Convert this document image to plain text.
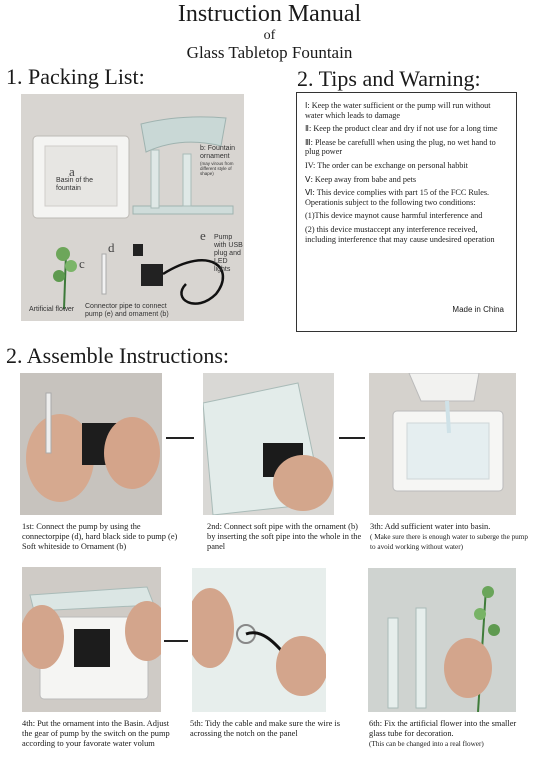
Instruction Manual
of
Glass Tabletop Fountain
1. Packing List:	2. Tips and Warning:
a
Basin of the fountain
b: Fountain ornament
(may virous from different style of shape)
c
Artificial flower
d
Connector pipe to connect pump (e) and ornament (b)
e Pump with USB plug and LED lights

Ⅰ: Keep the water sufficient or the pump will run without water which leads to damage

Ⅱ: Keep the product clear and dry if not use for a long time

Ⅲ: Please be carefulll when using the plug, no wet hand to plug power

IV: The order can be exchange on personal habbit

Ⅴ: Keep away from babe and pets

Ⅵ: This device complies with part 15 of the FCC Rules. Operationis subject to the following two conditions:

(1)This device maynot cause harmful interference and

(2) this device mustaccept any interference received, including interference that may cause undesired operation

Made in China
2. Assemble Instructions:
1st: Connect the pump by using the connectorpipe (d), hard black side to pump (e) Soft whiteside to Ornament (b)
2nd: Connect soft pipe with the ornament (b) by inserting the soft pipe into the whole in the panel
3th: Add sufficient water into basin.
( Make sure there is enough water to suberge the pump to avoid working without water)
4th: Put the ornament into the Basin. Adjust the gear of pump by the switch on the pump according to your favorate water volum
5th: Tidy the cable and make sure the wire is acrossing the notch on the panel
6th: Fix the artificial flower into the smaller glass tube for decoration.
(This can be changed into a real flower)
